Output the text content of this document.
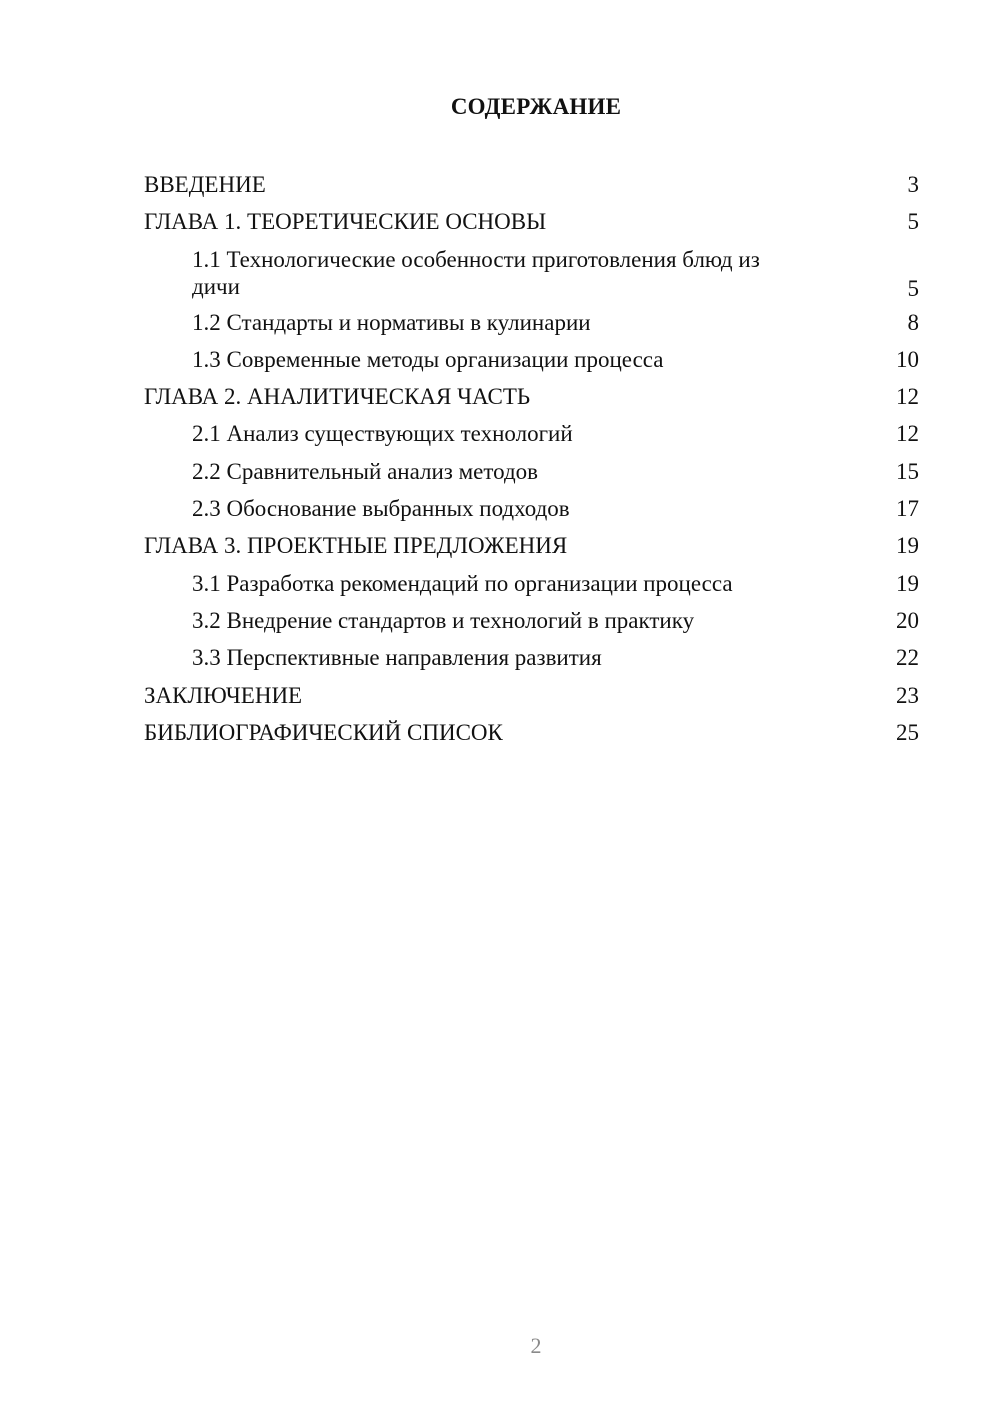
СОДЕРЖАНИЕ
ВВЕДЕНИЕ	3
ГЛАВА 1. ТЕОРЕТИЧЕСКИЕ ОСНОВЫ	5
1.1 Технологические особенности приготовления блюд из дичи	5
1.2 Стандарты и нормативы в кулинарии	8
1.3 Современные методы организации процесса	10
ГЛАВА 2. АНАЛИТИЧЕСКАЯ ЧАСТЬ	12
2.1 Анализ существующих технологий	12
2.2 Сравнительный анализ методов	15
2.3 Обоснование выбранных подходов	17
ГЛАВА 3. ПРОЕКТНЫЕ ПРЕДЛОЖЕНИЯ	19
3.1 Разработка рекомендаций по организации процесса	19
3.2 Внедрение стандартов и технологий в практику	20
3.3 Перспективные направления развития	22
ЗАКЛЮЧЕНИЕ	23
БИБЛИОГРАФИЧЕСКИЙ СПИСОК	25
2
